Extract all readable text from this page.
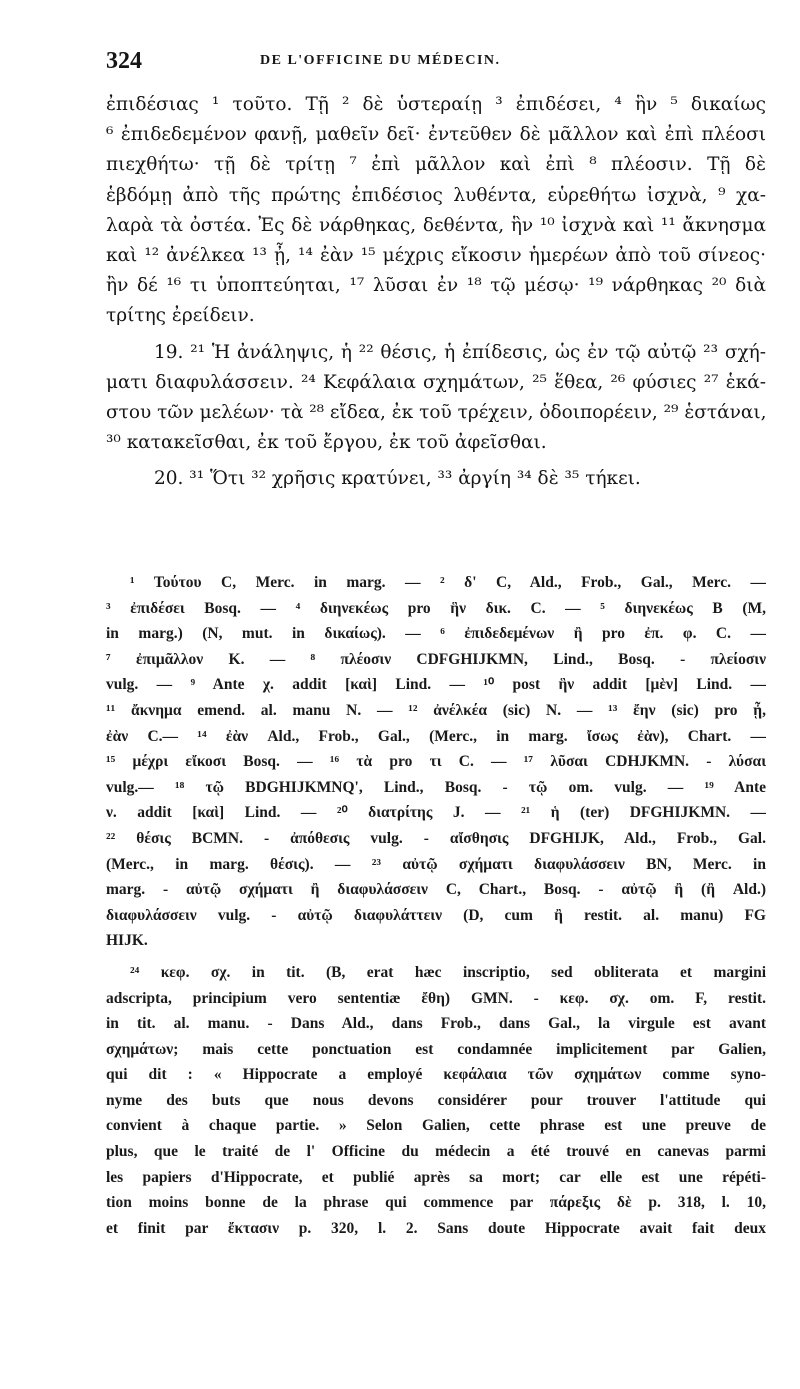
324	DE L'OFFICINE DU MÉDECIN.
ἐπιδέσιας ¹ τοῦτο. Τῇ ² δὲ ὑστεραίῃ ³ ἐπιδέσει, ⁴ ἣν ⁵ δικαίως
⁶ ἐπιδεδεμένον φανῇ, μαθεῖν δεῖ· ἐντεῦθεν δὲ μᾶλλον καὶ ἐπὶ πλέοσι
πιεχθήτω· τῇ δὲ τρίτῃ ⁷ ἐπὶ μᾶλλον καὶ ἐπὶ ⁸ πλέοσιν. Τῇ δὲ
ἑβδόμῃ ἀπὸ τῆς πρώτης ἐπιδέσιος λυθέντα, εὑρεθήτω ἰσχνὰ, ⁹ χα-
λαρὰ τὰ ὀστέα. Ἐς δὲ νάρθηκας, δεθέντα, ἣν ¹⁰ ἰσχνὰ καὶ ¹¹ ἄκνησμα
καὶ ¹² ἀνέλκεα ¹³ ᾖ, ¹⁴ ἐὰν ¹⁵ μέχρις εἴκοσιν ἡμερέων ἀπὸ τοῦ σίνεος·
ἢν δέ ¹⁶ τι ὑποπτεύηται, ¹⁷ λῦσαι ἐν ¹⁸ τῷ μέσῳ· ¹⁹ νάρθηκας ²⁰ διὰ
τρίτης ἐρείδειν.
19. ²¹ Ἡ ἀνάληψις, ἡ ²² θέσις, ἡ ἐπίδεσις, ὡς ἐν τῷ αὐτῷ ²³ σχή-
ματι διαφυλάσσειν. ²⁴ Κεφάλαια σχημάτων, ²⁵ ἕθεα, ²⁶ φύσιες ²⁷ ἑκά-
στου τῶν μελέων· τὰ ²⁸ εἴδεα, ἐκ τοῦ τρέχειν, ὁδοιπορέειν, ²⁹ ἑστάναι,
³⁰ κατακεῖσθαι, ἐκ τοῦ ἔργου, ἐκ τοῦ ἀφεῖσθαι.
20. ³¹ Ὅτι ³² χρῆσις κρατύνει, ³³ ἀργίη ³⁴ δὲ ³⁵ τήκει.
¹ Τούτου C, Merc. in marg. — ² δ' C, Ald., Frob., Gal., Merc. —
³ ἐπιδέσει Bosq. — ⁴ διηνεκέως pro ἣν δικ. C. — ⁵ διηνεκέως B (M,
in marg.) (N, mut. in δικαίως). — ⁶ ἐπιδεδεμένων ἢ pro ἐπ. φ. C. —
⁷ ἐπιμᾶλλον K. — ⁸ πλέοσιν CDFGHIJKMN, Lind., Bosq. - πλείοσιν
vulg. — ⁹ Ante χ. addit [καὶ] Lind. — ¹⁰ post ἣν addit [μὲν] Lind. —
¹¹ ἄκνημα emend. al. manu N. — ¹² ἀνέλκέα (sic) N. — ¹³ ἔην (sic) pro ᾖ,
ἐὰν C.— ¹⁴ ἐὰν Ald., Frob., Gal., (Merc., in marg. ἴσως ἐὰν), Chart. —
¹⁵ μέχρι εἴκοσι Bosq. — ¹⁶ τὰ pro τι C. — ¹⁷ λῦσαι CDHJKMN. - λύσαι
vulg.— ¹⁸ τῷ BDGHIJKMNQ', Lind., Bosq. - τῷ om. vulg. — ¹⁹ Ante
ν. addit [καὶ] Lind. — ²⁰ διατρίτης J. — ²¹ ἡ (ter) DFGHIJKMN. —
²² θέσις BCMN. - ἀπόθεσις vulg. - αἴσθησις DFGHIJK, Ald., Frob., Gal.
(Merc., in marg. θέσις). — ²³ αὐτῷ σχήματι διαφυλάσσειν BN, Merc. in
marg. - αὐτῷ σχήματι ἢ διαφυλάσσειν C, Chart., Bosq. - αὐτῷ ἢ (ἢ Ald.)
διαφυλάσσειν vulg. - αὐτῷ διαφυλάττειν (D, cum ἢ restit. al. manu) FG
HIJK.
²⁴ κεφ. σχ. in tit. (B, erat hæc inscriptio, sed obliterata et margini
adscripta, principium vero sententiæ ἔθη) GMN. - κεφ. σχ. om. F, restit.
in tit. al. manu. - Dans Ald., dans Frob., dans Gal., la virgule est avant
σχημάτων; mais cette ponctuation est condamnée implicitement par Galien,
qui dit : « Hippocrate a employé κεφάλαια τῶν σχημάτων comme syno-
nyme des buts que nous devons considérer pour trouver l'attitude qui
convient à chaque partie. » Selon Galien, cette phrase est une preuve de
plus, que le traité de l' Officine du médecin a été trouvé en canevas parmi
les papiers d'Hippocrate, et publié après sa mort; car elle est une répéti-
tion moins bonne de la phrase qui commence par πάρεξις δὲ p. 318, l. 10,
et finit par ἔκτασιν p. 320, l. 2. Sans doute Hippocrate avait fait deux
